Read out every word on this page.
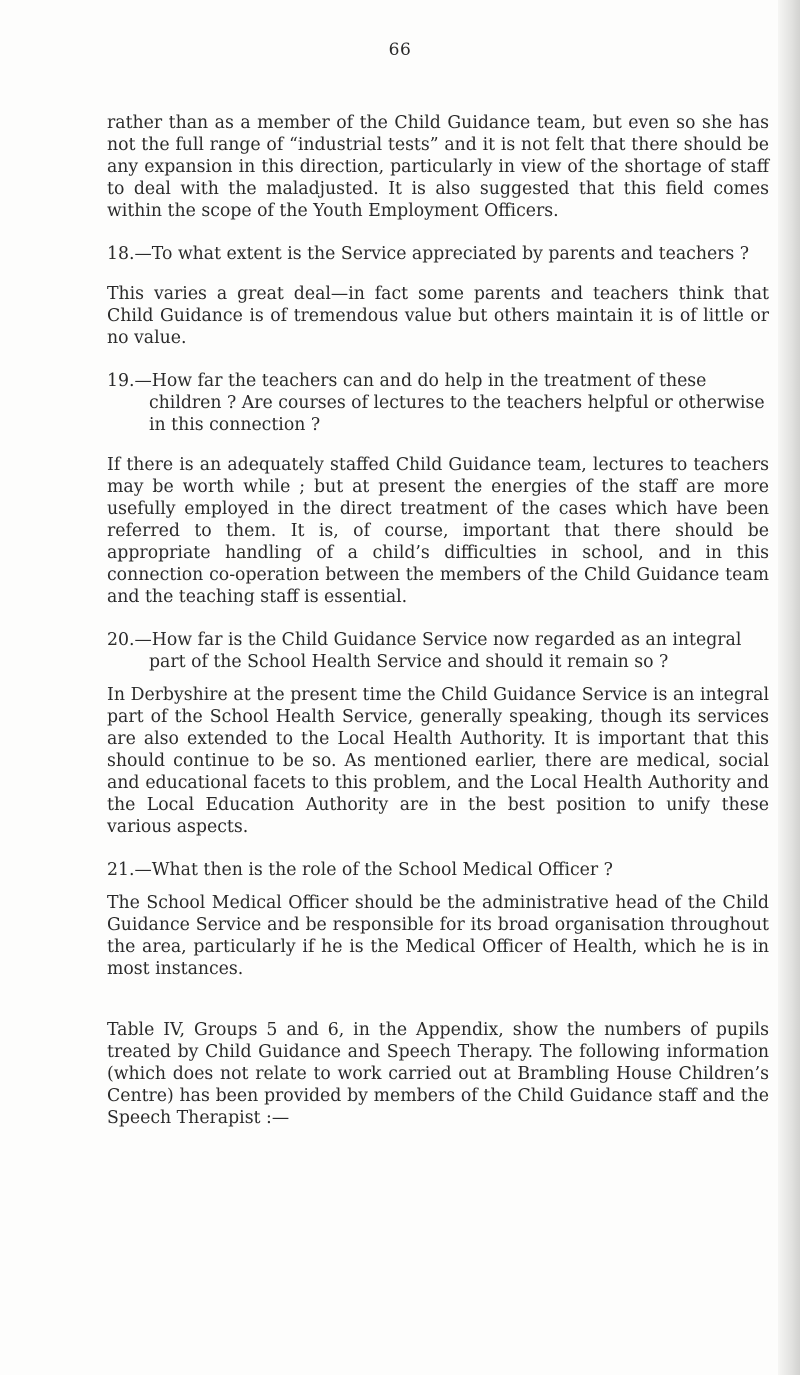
66

rather than as a member of the Child Guidance team, but even so she has not the full range of “industrial tests” and it is not felt that there should be any expansion in this direction, particularly in view of the shortage of staff to deal with the maladjusted. It is also suggested that this field comes within the scope of the Youth Employment Officers.

18.—To what extent is the Service appreciated by parents and teachers ?

This varies a great deal—in fact some parents and teachers think that Child Guidance is of tremendous value but others maintain it is of little or no value.

19.—How far the teachers can and do help in the treatment of these children ? Are courses of lectures to the teachers helpful or otherwise in this connection ?

If there is an adequately staffed Child Guidance team, lectures to teachers may be worth while ; but at present the energies of the staff are more usefully employed in the direct treatment of the cases which have been referred to them. It is, of course, important that there should be appropriate handling of a child’s difficulties in school, and in this connection co-operation between the members of the Child Guidance team and the teaching staff is essential.

20.—How far is the Child Guidance Service now regarded as an integral part of the School Health Service and should it remain so ?

In Derbyshire at the present time the Child Guidance Service is an integral part of the School Health Service, generally speaking, though its services are also extended to the Local Health Authority. It is important that this should continue to be so. As mentioned earlier, there are medical, social and educational facets to this problem, and the Local Health Authority and the Local Education Authority are in the best position to unify these various aspects.

21.—What then is the role of the School Medical Officer ?

The School Medical Officer should be the administrative head of the Child Guidance Service and be responsible for its broad organisation throughout the area, particularly if he is the Medical Officer of Health, which he is in most instances.

Table IV, Groups 5 and 6, in the Appendix, show the numbers of pupils treated by Child Guidance and Speech Therapy. The following information (which does not relate to work carried out at Brambling House Children’s Centre) has been provided by members of the Child Guidance staff and the Speech Therapist :—
